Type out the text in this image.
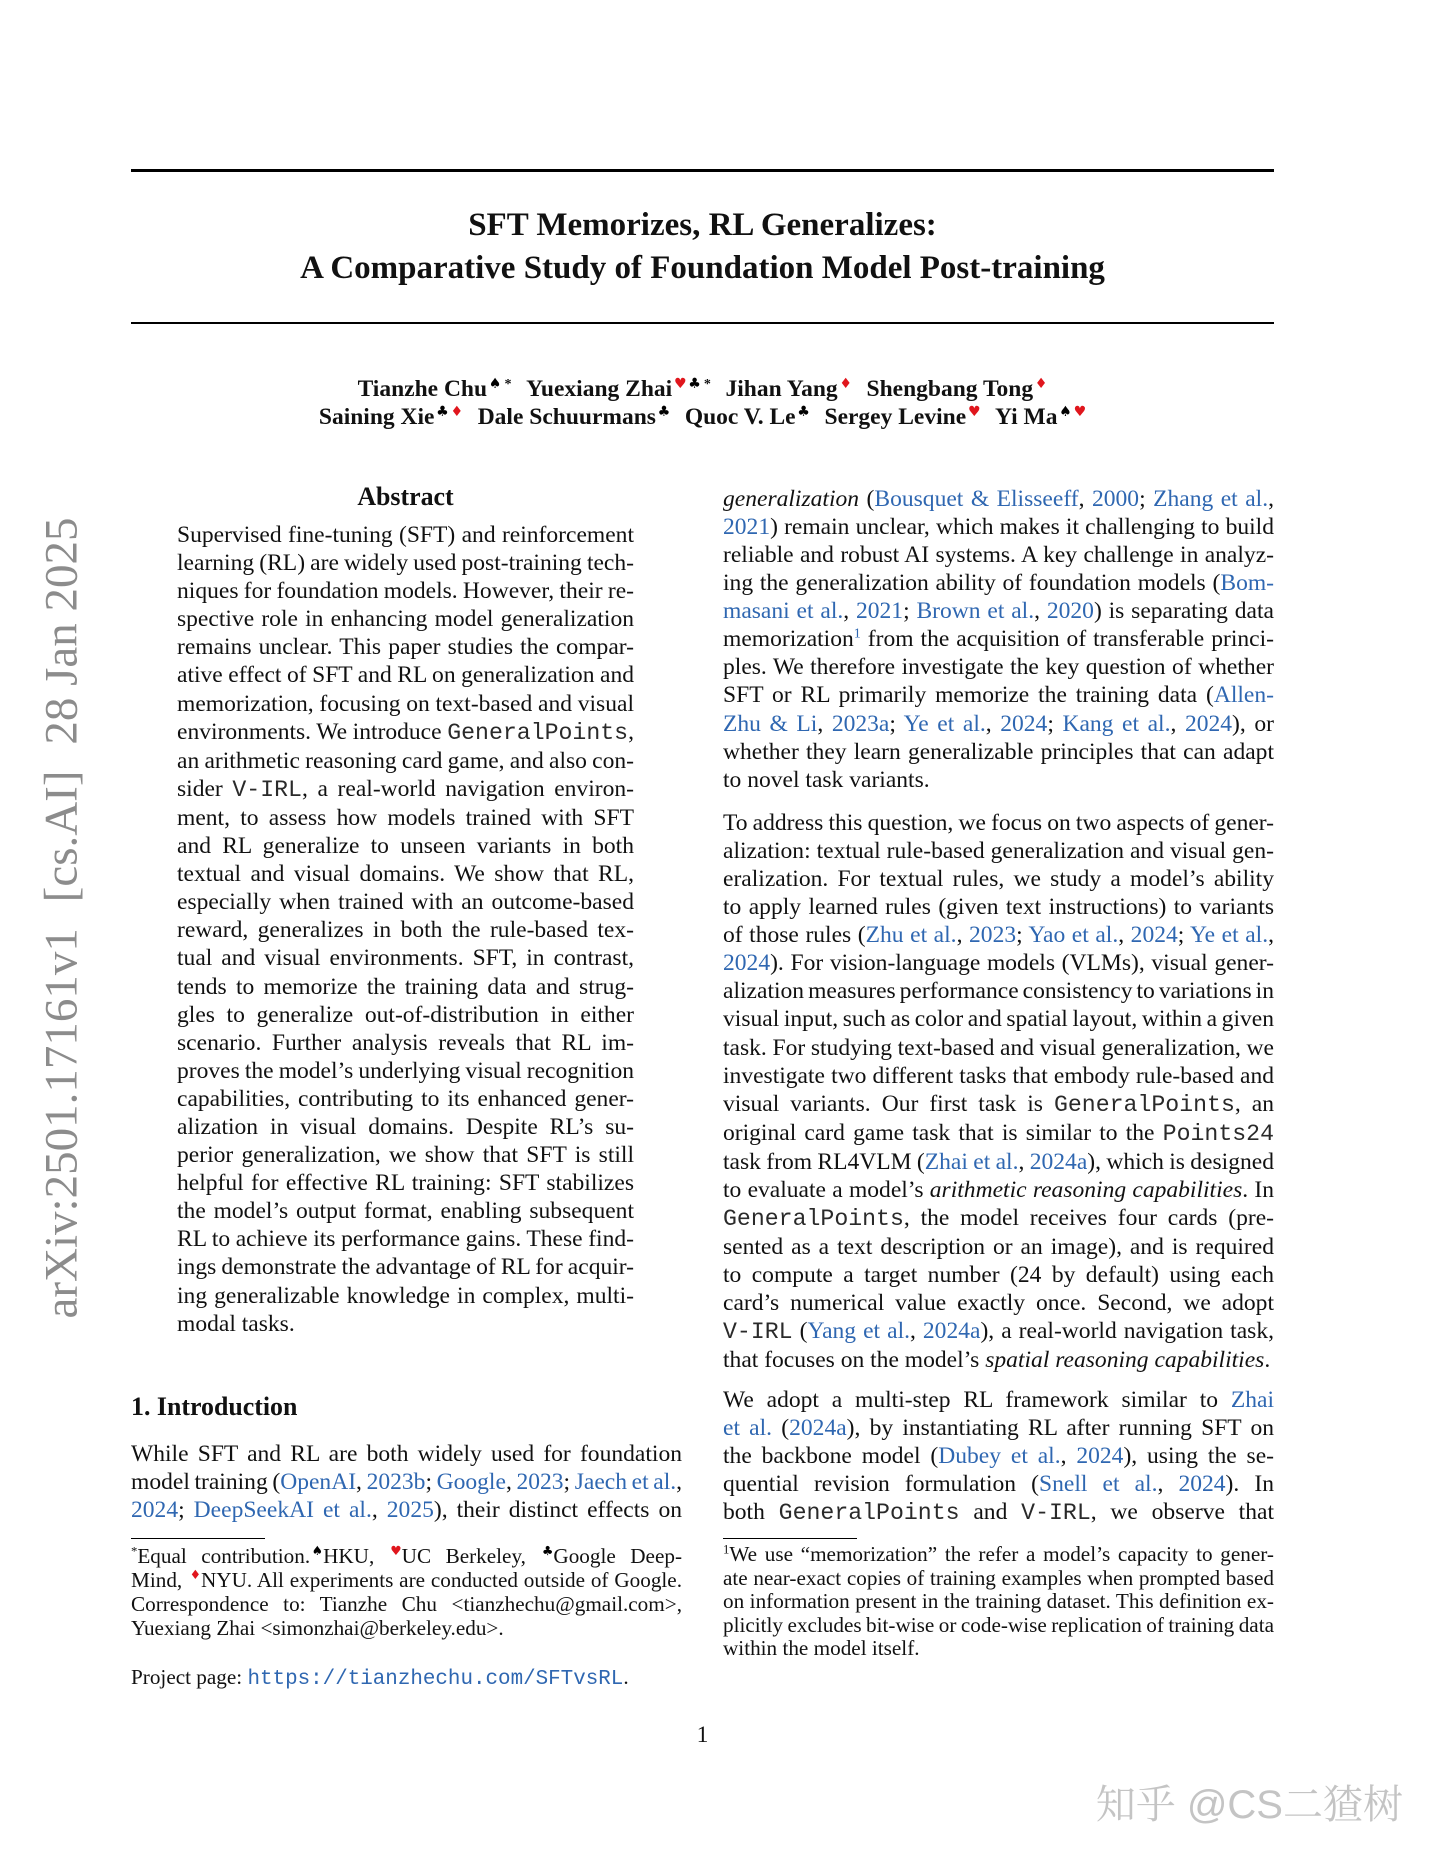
arXiv:2501.17161v1[cs.AI]28 Jan 2025
SFT Memorizes, RL Generalizes:
A Comparative Study of Foundation Model Post-training
Tianzhe Chu ♠ * Yuexiang Zhai ♥ ♣ * Jihan Yang ♦ Shengbang Tong ♦
Saining Xie ♣ ♦ Dale Schuurmans ♣ Quoc V. Le ♣ Sergey Levine ♥ Yi Ma ♠ ♥
Abstract
Supervised fine-tuning (SFT) and reinforcement
learning (RL) are widely used post-training tech-
niques for foundation models. However, their re-
spective role in enhancing model generalization
remains unclear. This paper studies the compar-
ative effect of SFT and RL on generalization and
memorization, focusing on text-based and visual
environments. We introduce GeneralPoints,
an arithmetic reasoning card game, and also con-
sider V-IRL, a real-world navigation environ-
ment, to assess how models trained with SFT
and RL generalize to unseen variants in both
textual and visual domains. We show that RL,
especially when trained with an outcome-based
reward, generalizes in both the rule-based tex-
tual and visual environments. SFT, in contrast,
tends to memorize the training data and strug-
gles to generalize out-of-distribution in either
scenario. Further analysis reveals that RL im-
proves the model’s underlying visual recognition
capabilities, contributing to its enhanced gener-
alization in visual domains. Despite RL’s su-
perior generalization, we show that SFT is still
helpful for effective RL training: SFT stabilizes
the model’s output format, enabling subsequent
RL to achieve its performance gains. These find-
ings demonstrate the advantage of RL for acquir-
ing generalizable knowledge in complex, multi-
modal tasks.
1. Introduction
While SFT and RL are both widely used for foundation
model training (OpenAI, 2023b; Google, 2023; Jaech et al.,
2024; DeepSeekAI et al., 2025), their distinct effects on
*Equal contribution. ♠HKU, ♥UC Berkeley, ♣Google Deep-
Mind, ♦NYU. All experiments are conducted outside of Google.
Correspondence to: Tianzhe Chu <tianzhechu@gmail.com>,
Yuexiang Zhai <simonzhai@berkeley.edu>.
Project page: https://tianzhechu.com/SFTvsRL.
generalization (Bousquet & Elisseeff, 2000; Zhang et al.,
2021) remain unclear, which makes it challenging to build
reliable and robust AI systems. A key challenge in analyz-
ing the generalization ability of foundation models (Bom-
masani et al., 2021; Brown et al., 2020) is separating data
memorization$^1$ from the acquisition of transferable princi-
ples. We therefore investigate the key question of whether
SFT or RL primarily memorize the training data (Allen-
Zhu & Li, 2023a; Ye et al., 2024; Kang et al., 2024), or
whether they learn generalizable principles that can adapt
to novel task variants.
To address this question, we focus on two aspects of gener-
alization: textual rule-based generalization and visual gen-
eralization. For textual rules, we study a model’s ability
to apply learned rules (given text instructions) to variants
of those rules (Zhu et al., 2023; Yao et al., 2024; Ye et al.,
2024). For vision-language models (VLMs), visual gener-
alization measures performance consistency to variations in
visual input, such as color and spatial layout, within a given
task. For studying text-based and visual generalization, we
investigate two different tasks that embody rule-based and
visual variants. Our first task is GeneralPoints, an
original card game task that is similar to the Points24
task from RL4VLM (Zhai et al., 2024a), which is designed
to evaluate a model’s arithmetic reasoning capabilities. In
GeneralPoints, the model receives four cards (pre-
sented as a text description or an image), and is required
to compute a target number (24 by default) using each
card’s numerical value exactly once. Second, we adopt
V-IRL (Yang et al., 2024a), a real-world navigation task,
that focuses on the model’s spatial reasoning capabilities.
We adopt a multi-step RL framework similar to Zhai
et al. (2024a), by instantiating RL after running SFT on
the backbone model (Dubey et al., 2024), using the se-
quential revision formulation (Snell et al., 2024). In
both GeneralPoints and V-IRL, we observe that
$^1$We use “memorization” the refer a model’s capacity to gener-
ate near-exact copies of training examples when prompted based
on information present in the training dataset. This definition ex-
plicitly excludes bit-wise or code-wise replication of training data
within the model itself.
1
知乎 @CS二猹树
